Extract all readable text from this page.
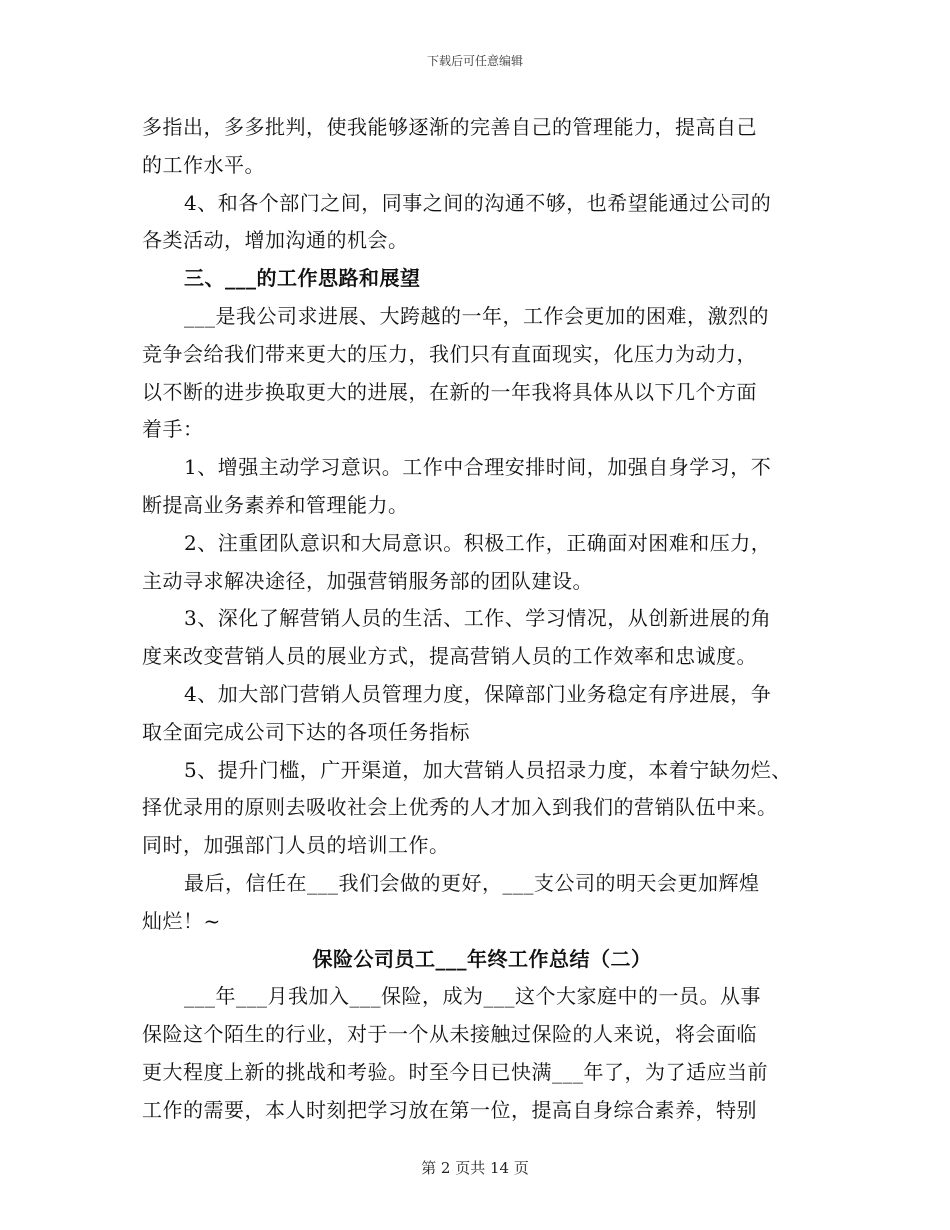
下载后可任意编辑
多指出，多多批判，使我能够逐渐的完善自己的管理能力，提高自己
的工作水平。
4、和各个部门之间，同事之间的沟通不够，也希望能通过公司的
各类活动，增加沟通的机会。
三、___的工作思路和展望
___是我公司求进展、大跨越的一年，工作会更加的困难，激烈的
竞争会给我们带来更大的压力，我们只有直面现实，化压力为动力，
以不断的进步换取更大的进展，在新的一年我将具体从以下几个方面
着手：
1、增强主动学习意识。工作中合理安排时间，加强自身学习，不
断提高业务素养和管理能力。
2、注重团队意识和大局意识。积极工作，正确面对困难和压力，
主动寻求解决途径，加强营销服务部的团队建设。
3、深化了解营销人员的生活、工作、学习情况，从创新进展的角
度来改变营销人员的展业方式，提高营销人员的工作效率和忠诚度。
4、加大部门营销人员管理力度，保障部门业务稳定有序进展，争
取全面完成公司下达的各项任务指标
5、提升门槛，广开渠道，加大营销人员招录力度，本着宁缺勿烂、
择优录用的原则去吸收社会上优秀的人才加入到我们的营销队伍中来。
同时，加强部门人员的培训工作。
最后，信任在___我们会做的更好，___支公司的明天会更加辉煌
灿烂！~
保险公司员工___年终工作总结（二）
___年___月我加入___保险，成为___这个大家庭中的一员。从事
保险这个陌生的行业，对于一个从未接触过保险的人来说，将会面临
更大程度上新的挑战和考验。时至今日已快满___年了，为了适应当前
工作的需要，本人时刻把学习放在第一位，提高自身综合素养，特别
第 2 页共 14 页
